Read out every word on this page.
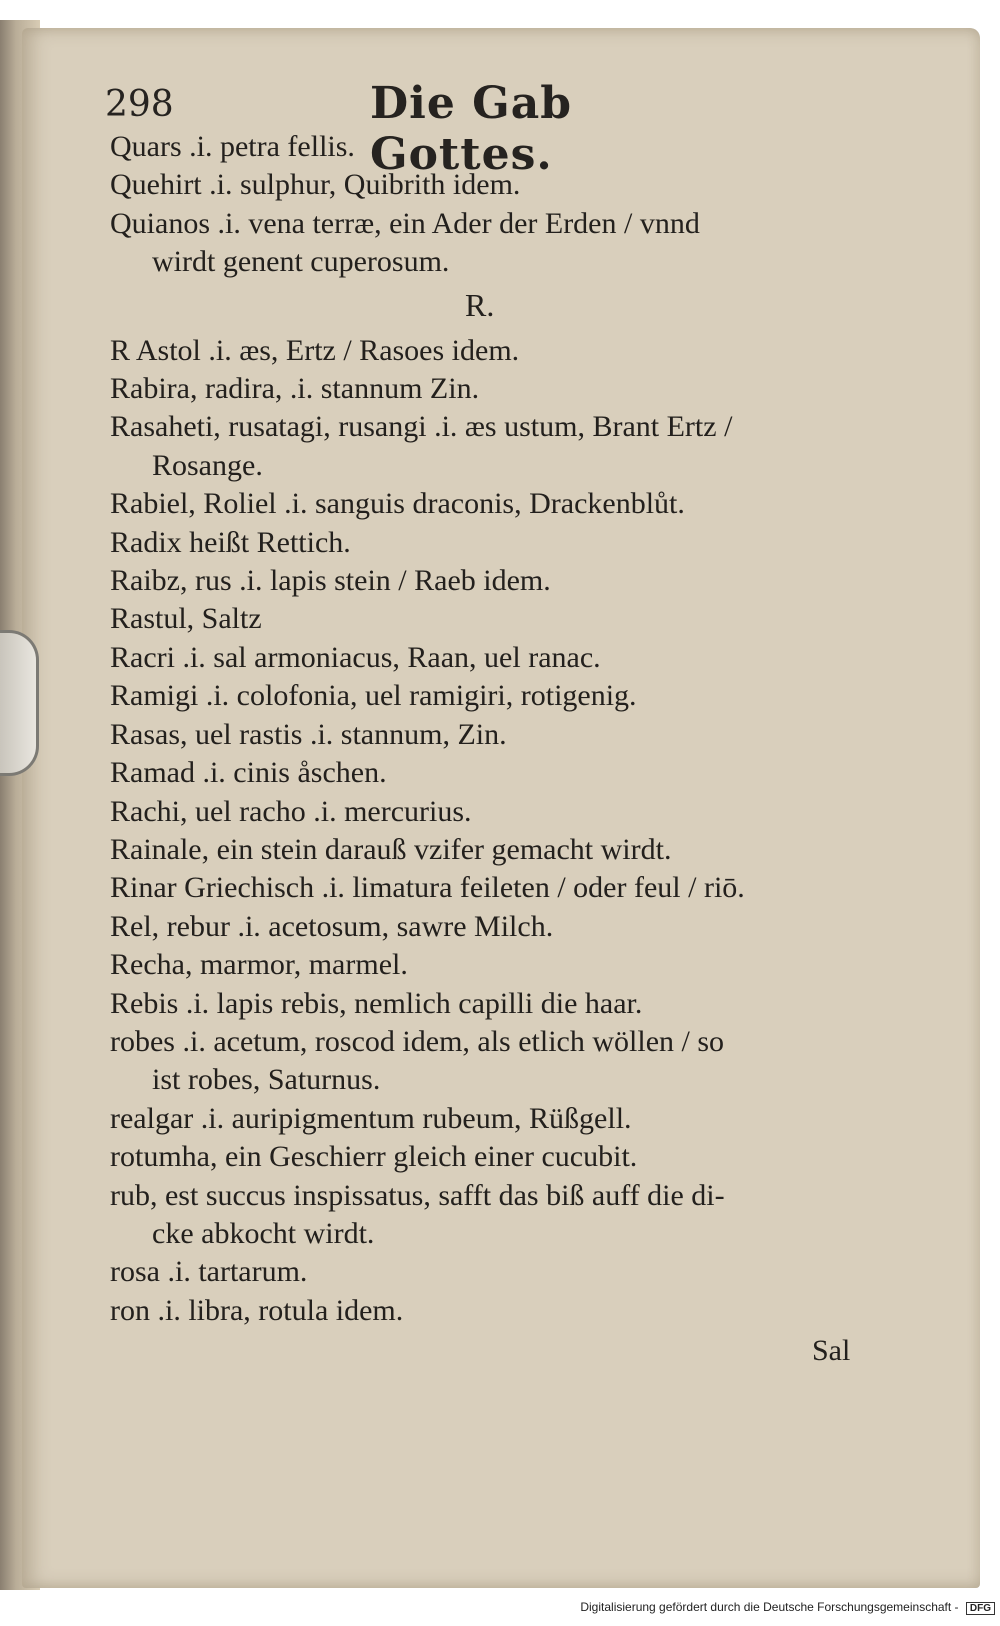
298	Die Gab Gottes.
Quars .i. petra fellis.
Quehirt .i. sulphur, Quibrith idem.
Quianos .i. vena terræ, ein Ader der Erden / vnnd
wirdt genent cuperosum.
R.
R Astol .i. æs, Ertz / Rasoes idem.
Rabira, radira, .i. stannum Zin.
Rasaheti, rusatagi, rusangi .i. æs ustum, Brant Ertz /
Rosange.
Rabiel, Roliel .i. sanguis draconis, Drackenblůt.
Radix heißt Rettich.
Raibz, rus .i. lapis stein / Raeb idem.
Rastul, Saltz
Racri .i. sal armoniacus, Raan, uel ranac.
Ramigi .i. colofonia, uel ramigiri, rotigenig.
Rasas, uel rastis .i. stannum, Zin.
Ramad .i. cinis åschen.
Rachi, uel racho .i. mercurius.
Rainale, ein stein darauß vzifer gemacht wirdt.
Rinar Griechisch .i. limatura feileten / oder feul / riō.
Rel, rebur .i. acetosum, sawre Milch.
Recha, marmor, marmel.
Rebis .i. lapis rebis, nemlich capilli die haar.
robes .i. acetum, roscod idem, als etlich wöllen / so
ist robes, Saturnus.
realgar .i. auripigmentum rubeum, Rüßgell.
rotumha, ein Geschierr gleich einer cucubit.
rub, est succus inspissatus, safft das biß auff die di-
cke abkocht wirdt.
rosa .i. tartarum.
ron .i. libra, rotula idem.
Sal
Digitalisierung gefördert durch die Deutsche Forschungsgemeinschaft - DFG
